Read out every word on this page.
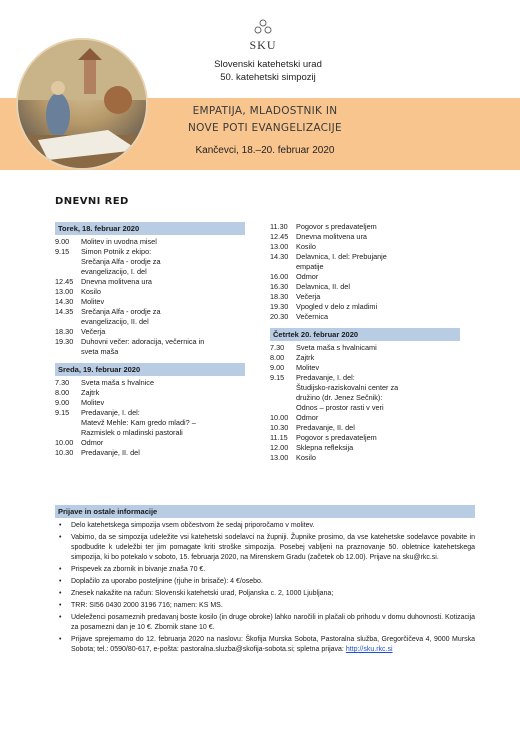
SKU
Slovenski katehetski urad
50. katehetski simpozij
EMPATIJA, MLADOSTNIK IN
NOVE POTI EVANGELIZACIJE
Kančevci, 18.–20. februar 2020
DNEVNI RED
Torek, 18. februar 2020
9.00	Molitev in uvodna misel
9.15	Simon Potnik z ekipo:
Srečanja Alfa - orodje za
evangelizacijo, I. del
12.45	Dnevna molitvena ura
13.00	Kosilo
14.30	Molitev
14.35	Srečanja Alfa - orodje za
evangelizacijo, II. del
18.30	Večerja
19.30	Duhovni večer: adoracija, večernica in
sveta maša
Sreda, 19. februar 2020
7.30	Sveta maša s hvalnice
8.00	Zajtrk
9.00	Molitev
9.15	Predavanje, I. del:
Matevž Mehle: Kam gredo mladi? –
Razmislek o mladinski pastorali
10.00	Odmor
10.30	Predavanje, II. del
11.30	Pogovor s predavateljem
12.45	Dnevna molitvena ura
13.00	Kosilo
14.30	Delavnica, I. del: Prebujanje
empatije
16.00	Odmor
16.30	Delavnica, II. del
18.30	Večerja
19.30	Vpogled v delo z mladimi
20.30	Večernica
Četrtek 20. februar 2020
7.30	Sveta maša s hvalnicami
8.00	Zajtrk
9.00	Molitev
9.15	Predavanje, I. del:
Študijsko-raziskovalni center za
družino (dr. Jenez Sečnik):
Odnos – prostor rasti v veri
10.00	Odmor
10.30	Predavanje, II. del
11.15	Pogovor s predavateljem
12.00	Sklepna refleksija
13.00	Kosilo
Prijave in ostale informacije
• Delo katehetskega simpozija vsem občestvom že sedaj priporočamo v molitev.
• Vabimo, da se simpozija udeležite vsi katehetski sodelavci na župniji. Župnike prosimo, da vse katehetske sodelavce povabite in spodbudite k udeležbi ter jim pomagate kriti stroške simpozija. Posebej vabljeni na praznovanje 50. obletnice katehetskega simpozija, ki bo potekalo v soboto, 15. februarja 2020, na Mirenskem Gradu (začetek ob 12.00). Prijave na sku@rkc.si.
• Prispevek za zbornik in bivanje znaša 70 €.
• Doplačilo za uporabo posteljnine (rjuhe in brisače): 4 €/osebo.
• Znesek nakažite na račun: Slovenski katehetski urad, Poljanska c. 2, 1000 Ljubljana;
• TRR: SI56 0430 2000 3196 716; namen: KS MS.
• Udeleženci posameznih predavanj boste kosilo (in druge obroke) lahko naročili in plačali ob prihodu v domu duhovnosti. Kotizacija za posamezni dan je 10 €. Zbornik stane 10 €.
• Prijave sprejemamo do 12. februarja 2020 na naslovu: Škofija Murska Sobota, Pastoralna služba, Gregorčičeva 4, 9000 Murska Sobota; tel.: 0590/80-617, e-pošta: pastoralna.sluzba@skofija-sobota.si; spletna prijava: http://sku.rkc.si
